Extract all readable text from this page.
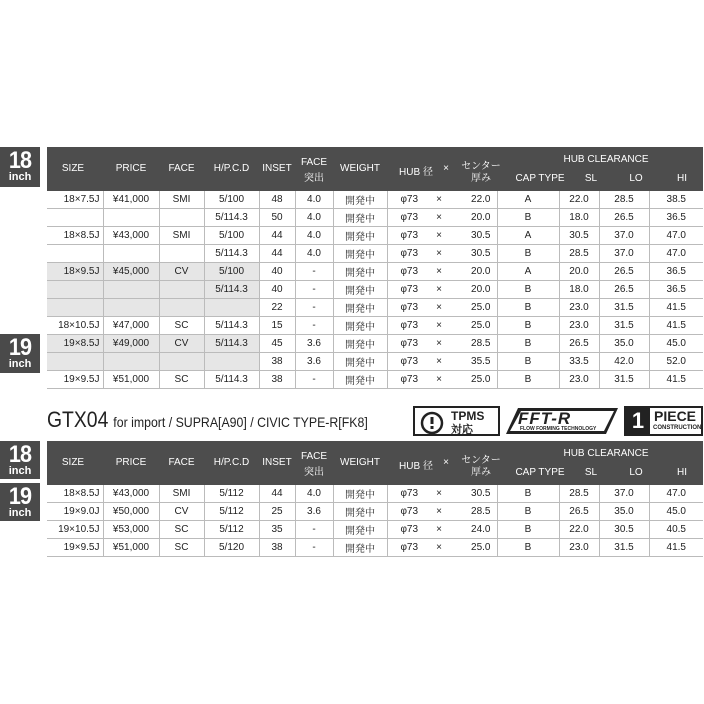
18
inch
19
inch
18
inch
19
inch
SIZE	PRICE	FACE	H/P.C.D	INSET
FACE
突出
WEIGHT	HUB 径	×	センター
厚み
HUB CLEARANCE
CAP TYPE	SL	LO	HI
18×7.5J	¥41,000	SMI	5/100	48	4.0	開発中	φ73	×	22.0	A	22.0	28.5	38.5
			5/114.3	50	4.0	開発中	φ73	×	20.0	B	18.0	26.5	36.5
18×8.5J	¥43,000	SMI	5/100	44	4.0	開発中	φ73	×	30.5	A	30.5	37.0	47.0
			5/114.3	44	4.0	開発中	φ73	×	30.5	B	28.5	37.0	47.0
18×9.5J	¥45,000	CV	5/100	40	-	開発中	φ73	×	20.0	A	20.0	26.5	36.5
			5/114.3	40	-	開発中	φ73	×	20.0	B	18.0	26.5	36.5
				22	-	開発中	φ73	×	25.0	B	23.0	31.5	41.5
18×10.5J	¥47,000	SC	5/114.3	15	-	開発中	φ73	×	25.0	B	23.0	31.5	41.5
19×8.5J	¥49,000	CV	5/114.3	45	3.6	開発中	φ73	×	28.5	B	26.5	35.0	45.0
				38	3.6	開発中	φ73	×	35.5	B	33.5	42.0	52.0
19×9.5J	¥51,000	SC	5/114.3	38	-	開発中	φ73	×	25.0	B	23.0	31.5	41.5
GTX04 for import / SUPRA[A90] / CIVIC TYPE-R[FK8]	TPMS
対応
FFT-R
FLOW FORMING TECHNOLOGY 1 PIECE
CONSTRUCTION
SIZE	PRICE	FACE	H/P.C.D	INSET
FACE
突出
WEIGHT	HUB 径	×	センター
厚み
HUB CLEARANCE
CAP TYPE	SL	LO	HI
18×8.5J	¥43,000	SMI	5/112	44	4.0	開発中	φ73	×	30.5	B	28.5	37.0	47.0
19×9.0J	¥50,000	CV	5/112	25	3.6	開発中	φ73	×	28.5	B	26.5	35.0	45.0
19×10.5J	¥53,000	SC	5/112	35	-	開発中	φ73	×	24.0	B	22.0	30.5	40.5
19×9.5J	¥51,000	SC	5/120	38	-	開発中	φ73	×	25.0	B	23.0	31.5	41.5
